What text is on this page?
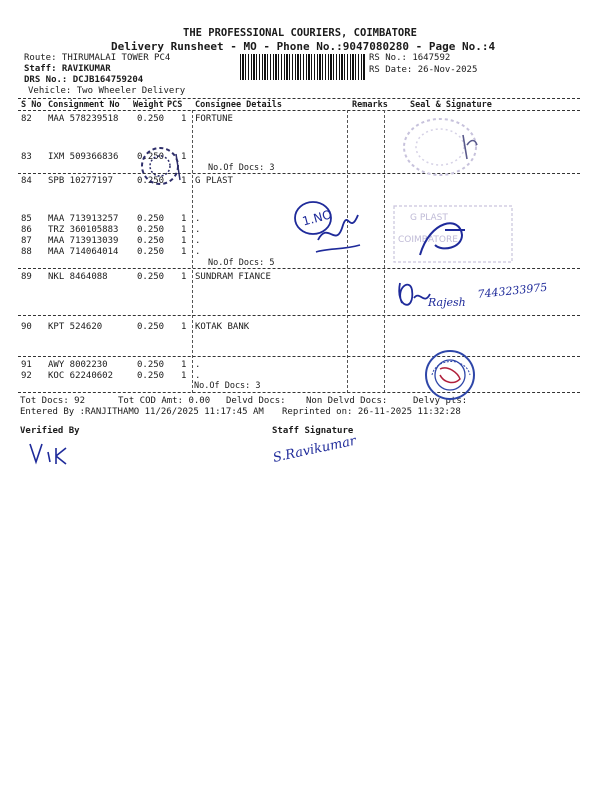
THE PROFESSIONAL COURIERS, COIMBATORE
Delivery Runsheet - MO - Phone No.:9047080280 - Page No.:4
Route: THIRUMALAI TOWER PC4
Staff: RAVIKUMAR
DRS No.: DCJB164759204
Vehicle: Two Wheeler Delivery
RS No.: 1647592
RS Date: 26-Nov-2025
S No Consignment No Weight PCS Consignee Details	Remarks	Seal & Signature
82 MAA 578239518 0.250 1 FORTUNE
83 IXM 509366836 0.250 1
No.Of Docs: 3
84 SPB 10277197	0.250 1 G PLAST
85 MAA 713913257 0.250 1 .
86 TRZ 360105883 0.250 1 .
87 MAA 713913039 0.250 1 .
88 MAA 714064014 0.250 1 .
No.Of Docs: 5
89 NKL 8464088	0.250 1 SUNDRAM FIANCE
90 KPT 524620	0.250 1 KOTAK BANK
91 AWY 8002230	0.250 1 .
92 KOC 62240602	0.250 1 .
No.Of Docs: 3
Tot Docs: 92	Tot COD Amt: 0.00 Delvd Docs: Non Delvd Docs:	Delvy pts:
Entered By :RANJITHAMO 11/26/2025 11:17:45 AM Reprinted on: 26-11-2025 11:32:28
Verified By	Staff Signature
1.NO	G PLAST
COIMBATORE
Rajesh
7443233975
S.Ravikumar
